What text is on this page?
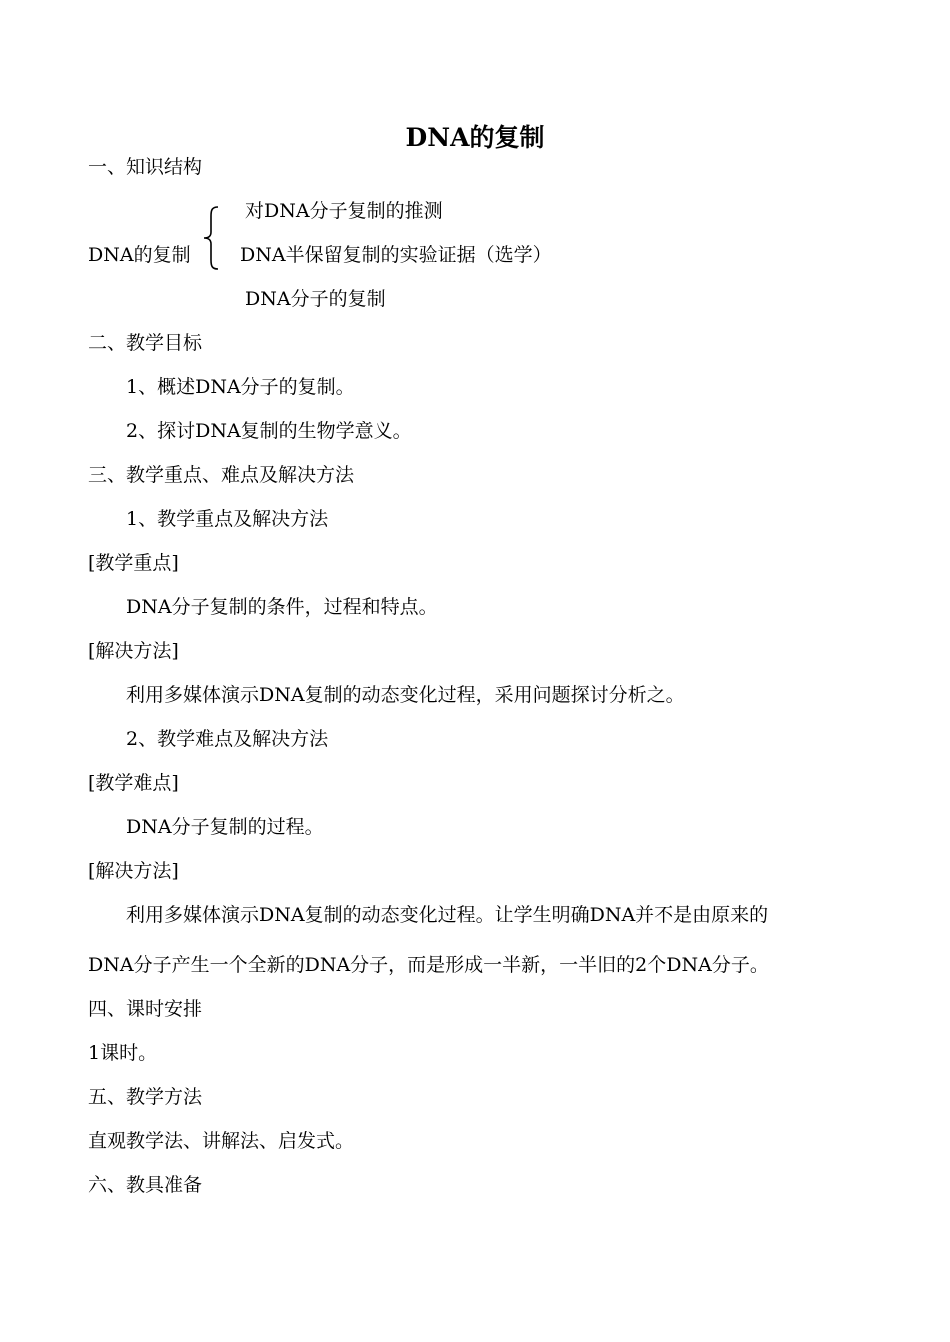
DNA的复制
一、知识结构
对DNA分子复制的推测
DNA的复制	DNA半保留复制的实验证据（选学）
DNA分子的复制
二、教学目标
1、概述DNA分子的复制。
2、探讨DNA复制的生物学意义。
三、教学重点、难点及解决方法
1、教学重点及解决方法
[教学重点]
DNA分子复制的条件，过程和特点。
[解决方法]
利用多媒体演示DNA复制的动态变化过程，采用问题探讨分析之。
2、教学难点及解决方法
[教学难点]
DNA分子复制的过程。
[解决方法]
利用多媒体演示DNA复制的动态变化过程。让学生明确DNA并不是由原来的
DNA分子产生一个全新的DNA分子，而是形成一半新，一半旧的2个DNA分子。
四、课时安排
1课时。
五、教学方法
直观教学法、讲解法、启发式。
六、教具准备
